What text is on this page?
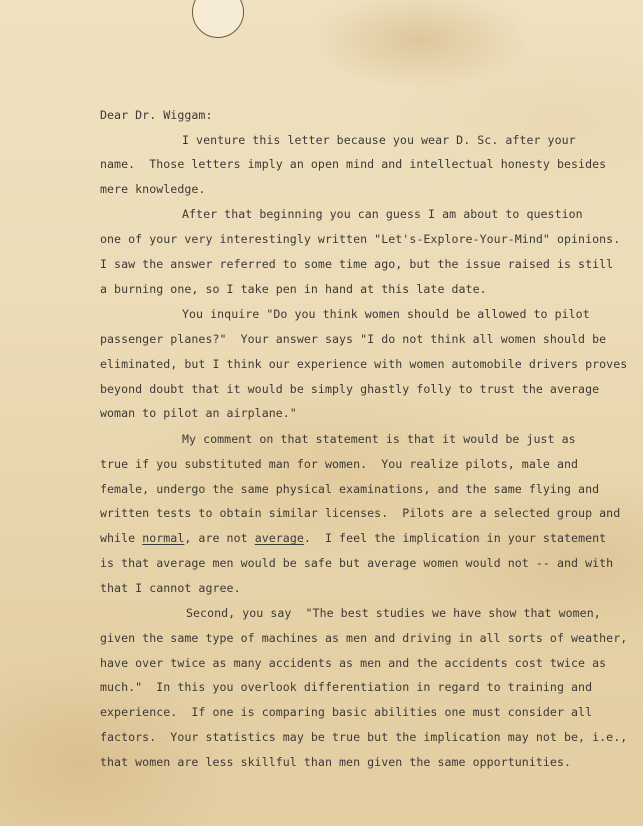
Dear Dr. Wiggam:
I venture this letter because you wear D. Sc. after your
name.  Those letters imply an open mind and intellectual honesty besides
mere knowledge.
After that beginning you can guess I am about to question
one of your very interestingly written "Let's-Explore-Your-Mind" opinions.
I saw the answer referred to some time ago, but the issue raised is still
a burning one, so I take pen in hand at this late date.
You inquire "Do you think women should be allowed to pilot
passenger planes?"  Your answer says "I do not think all women should be
eliminated, but I think our experience with women automobile drivers proves
beyond doubt that it would be simply ghastly folly to trust the average
woman to pilot an airplane."
My comment on that statement is that it would be just as
true if you substituted man for women.  You realize pilots, male and
female, undergo the same physical examinations, and the same flying and
written tests to obtain similar licenses.  Pilots are a selected group and
while normal, are not average.  I feel the implication in your statement
is that average men would be safe but average women would not -- and with
that I cannot agree.
Second, you say  "The best studies we have show that women,
given the same type of machines as men and driving in all sorts of weather,
have over twice as many accidents as men and the accidents cost twice as
much."  In this you overlook differentiation in regard to training and
experience.  If one is comparing basic abilities one must consider all
factors.  Your statistics may be true but the implication may not be, i.e.,
that women are less skillful than men given the same opportunities.
